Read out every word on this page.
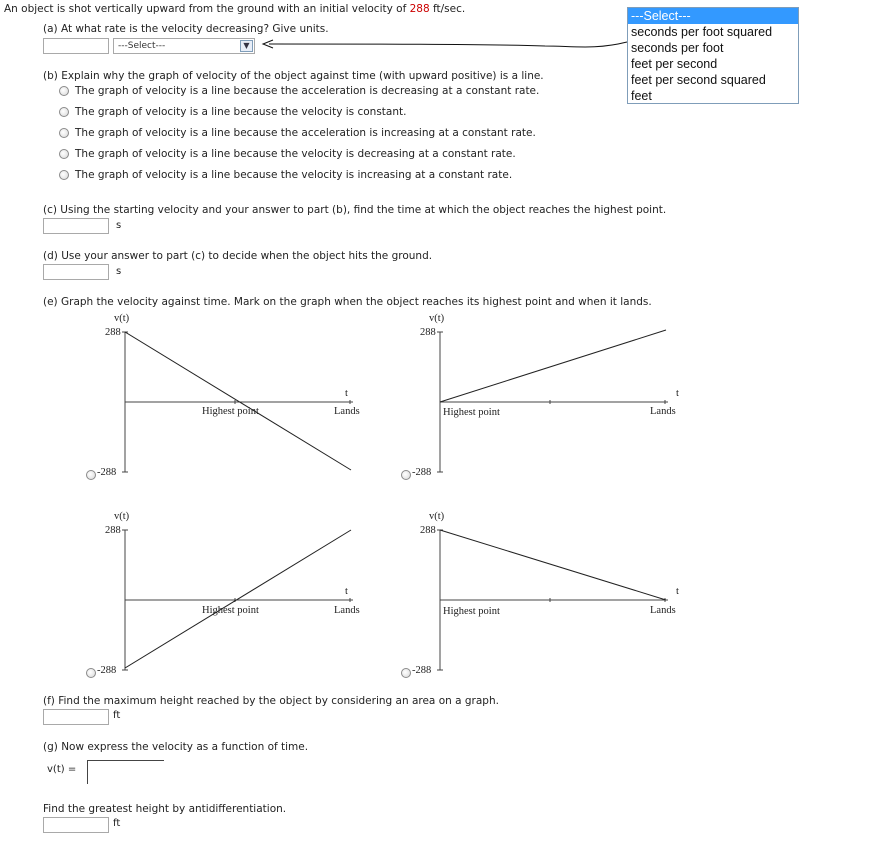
An object is shot vertically upward from the ground with an initial velocity of 288 ft/sec.
(a) At what rate is the velocity decreasing? Give units.
---Select---	▼
---Select---
seconds per foot squared
seconds per foot
feet per second
feet per second squared
feet
(b) Explain why the graph of velocity of the object against time (with upward positive) is a line.
The graph of velocity is a line because the acceleration is decreasing at a constant rate.
The graph of velocity is a line because the velocity is constant.
The graph of velocity is a line because the acceleration is increasing at a constant rate.
The graph of velocity is a line because the velocity is decreasing at a constant rate.
The graph of velocity is a line because the velocity is increasing at a constant rate.
(c) Using the starting velocity and your answer to part (b), find the time at which the object reaches the highest point.
s
(d) Use your answer to part (c) to decide when the object hits the ground.
s
(e) Graph the velocity against time. Mark on the graph when the object reaches its highest point and when it lands.
v(t)
288
-288
t
Highest point	Lands
v(t)
288
-288
t
Highest point	Lands
v(t)
288
-288
t
Highest point	Lands
v(t)
288
-288
t
Highest point	Lands
(f) Find the maximum height reached by the object by considering an area on a graph.
ft
(g) Now express the velocity as a function of time.
v(t) =
Find the greatest height by antidifferentiation.
ft
